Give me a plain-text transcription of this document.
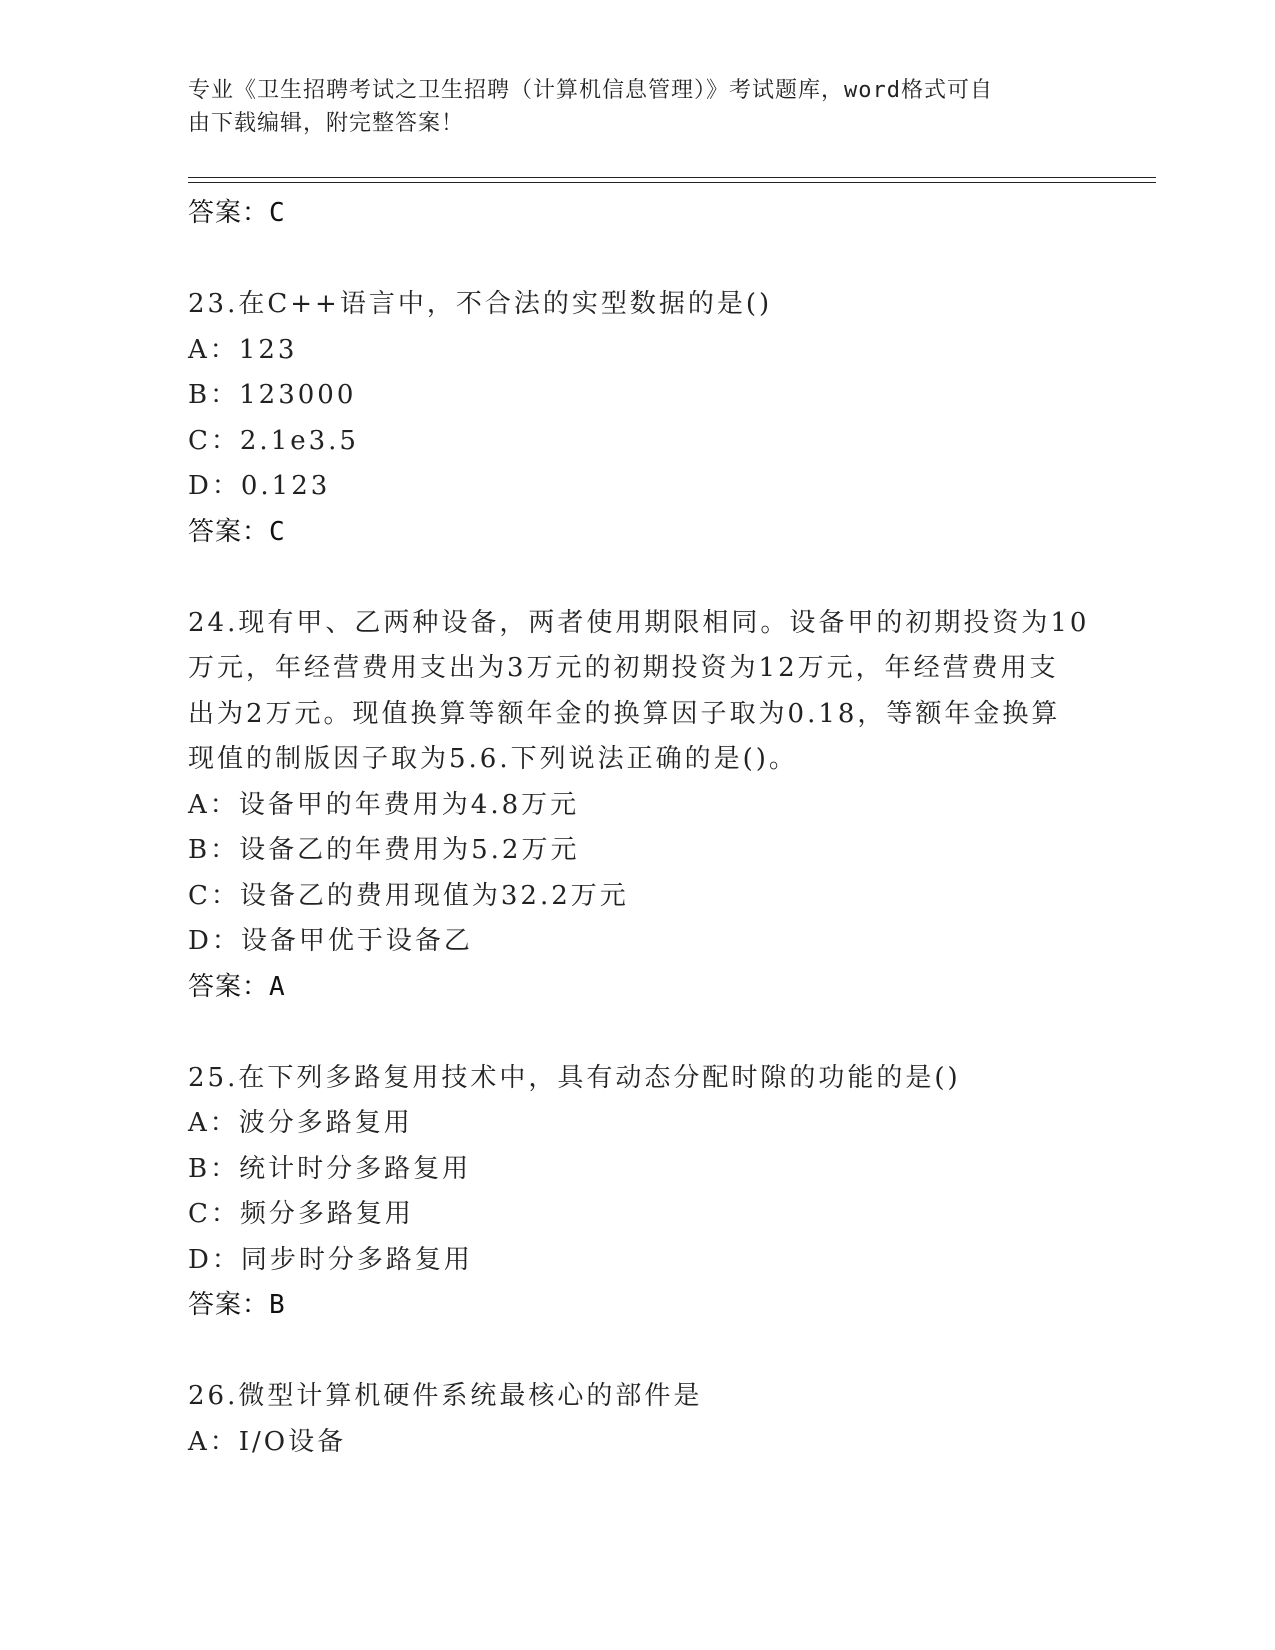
专业《卫生招聘考试之卫生招聘（计算机信息管理）》考试题库，word格式可自
由下载编辑，附完整答案！
答案：C
23.在C++语言中，不合法的实型数据的是()
A：123
B：123000
C：2.1e3.5
D：0.123
答案：C
24.现有甲、乙两种设备，两者使用期限相同。设备甲的初期投资为10
万元，年经营费用支出为3万元的初期投资为12万元，年经营费用支
出为2万元。现值换算等额年金的换算因子取为0.18，等额年金换算
现值的制版因子取为5.6.下列说法正确的是()。
A：设备甲的年费用为4.8万元
B：设备乙的年费用为5.2万元
C：设备乙的费用现值为32.2万元
D：设备甲优于设备乙
答案：A
25.在下列多路复用技术中，具有动态分配时隙的功能的是()
A：波分多路复用
B：统计时分多路复用
C：频分多路复用
D：同步时分多路复用
答案：B
26.微型计算机硬件系统最核心的部件是
A：I/O设备
